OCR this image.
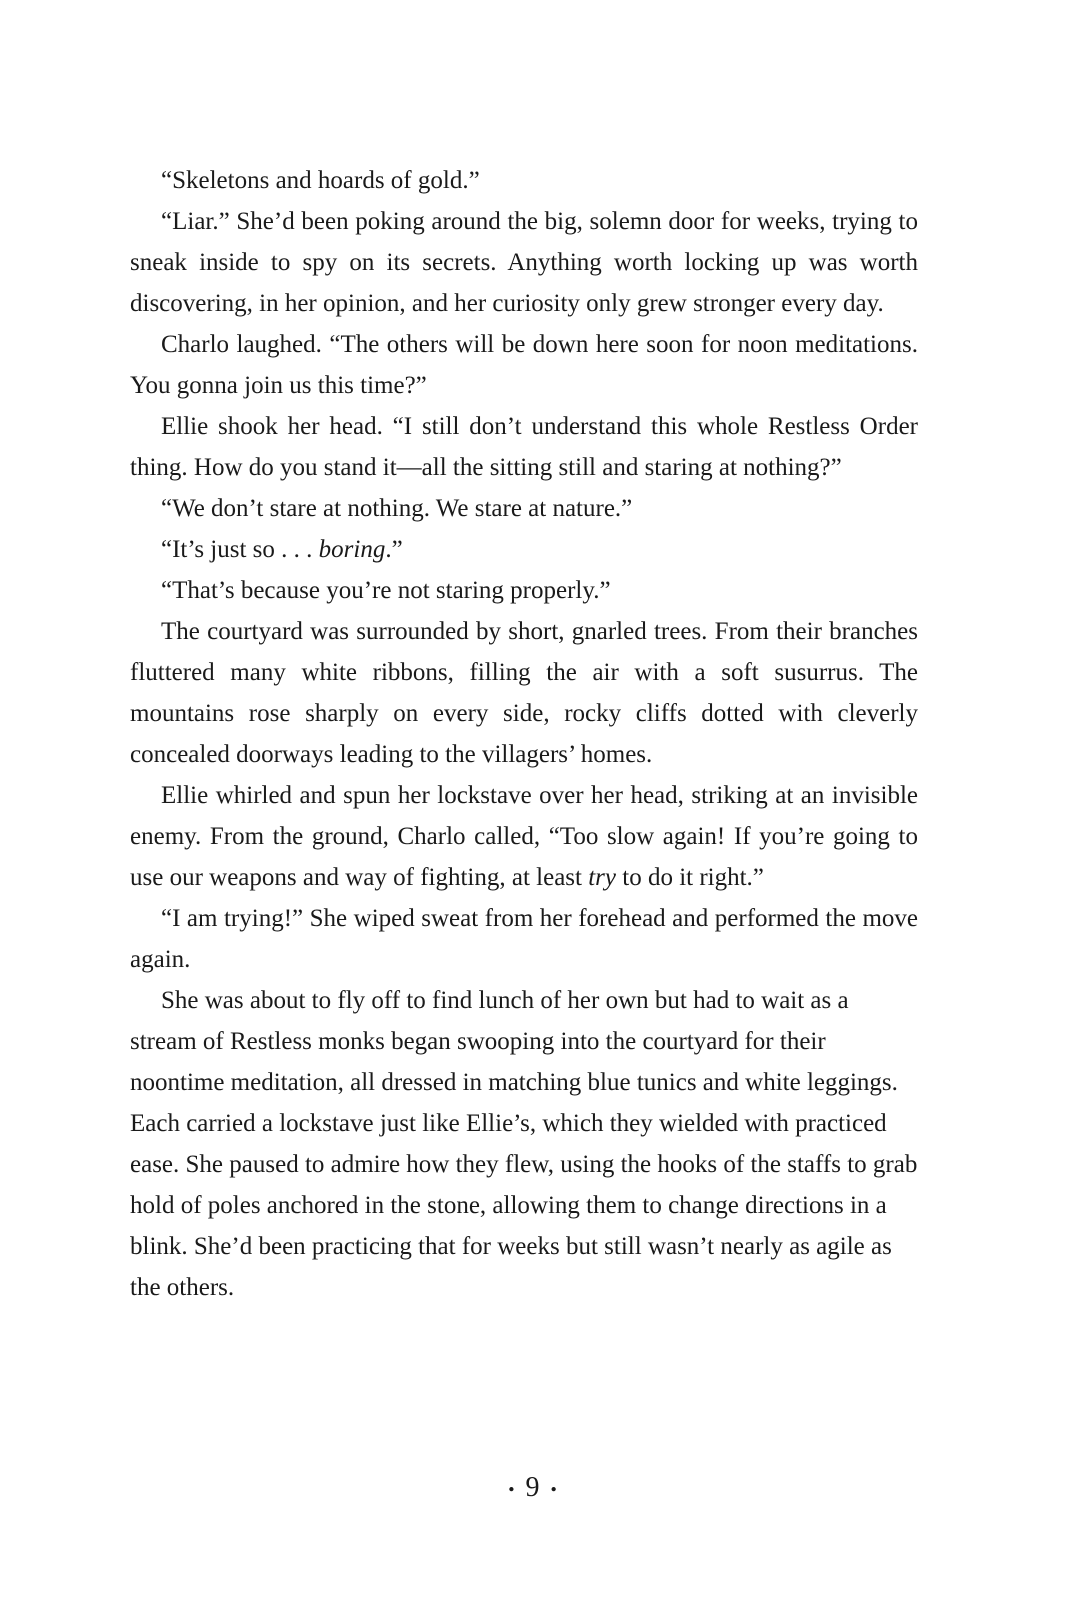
“Skeletons and hoards of gold.”

“Liar.” She’d been poking around the big, solemn door for weeks, trying to sneak inside to spy on its secrets. Anything worth locking up was worth discovering, in her opinion, and her curiosity only grew stronger every day.

Charlo laughed. “The others will be down here soon for noon meditations. You gonna join us this time?”

Ellie shook her head. “I still don’t understand this whole Restless Order thing. How do you stand it—all the sitting still and staring at nothing?”

“We don’t stare at nothing. We stare at nature.”

“It’s just so . . . boring.”

“That’s because you’re not staring properly.”

The courtyard was surrounded by short, gnarled trees. From their branches fluttered many white ribbons, filling the air with a soft susurrus. The mountains rose sharply on every side, rocky cliffs dotted with cleverly concealed doorways leading to the villagers’ homes.

Ellie whirled and spun her lockstave over her head, striking at an invisible enemy. From the ground, Charlo called, “Too slow again! If you’re going to use our weapons and way of fighting, at least try to do it right.”

“I am trying!” She wiped sweat from her forehead and performed the move again.

She was about to fly off to find lunch of her own but had to wait as a stream of Restless monks began swooping into the courtyard for their noontime meditation, all dressed in matching blue tunics and white leggings. Each carried a lockstave just like Ellie’s, which they wielded with practiced ease. She paused to admire how they flew, using the hooks of the staffs to grab hold of poles anchored in the stone, allowing them to change directions in a blink. She’d been practicing that for weeks but still wasn’t nearly as agile as the others.

• 9 •
